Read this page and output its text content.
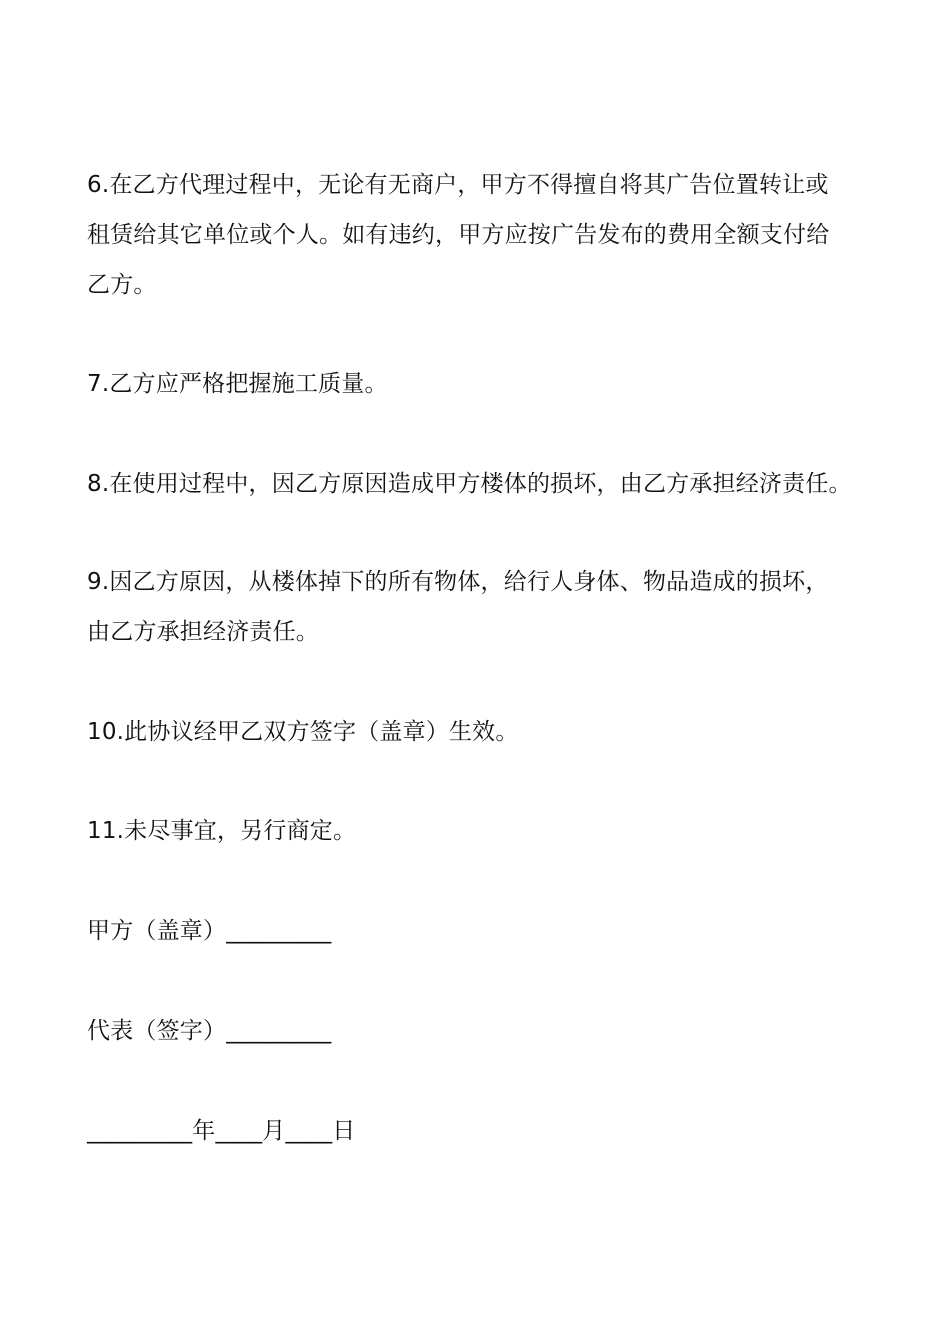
6.在乙方代理过程中，无论有无商户，甲方不得擅自将其广告位置转让或
租赁给其它单位或个人。如有违约，甲方应按广告发布的费用全额支付给
乙方。

7.乙方应严格把握施工质量。

8.在使用过程中，因乙方原因造成甲方楼体的损坏，由乙方承担经济责任。

9.因乙方原因，从楼体掉下的所有物体，给行人身体、物品造成的损坏，
由乙方承担经济责任。

10.此协议经甲乙双方签字（盖章）生效。

11.未尽事宜，另行商定。

甲方（盖章）_________

代表（签字）_________

_________年____月____日
